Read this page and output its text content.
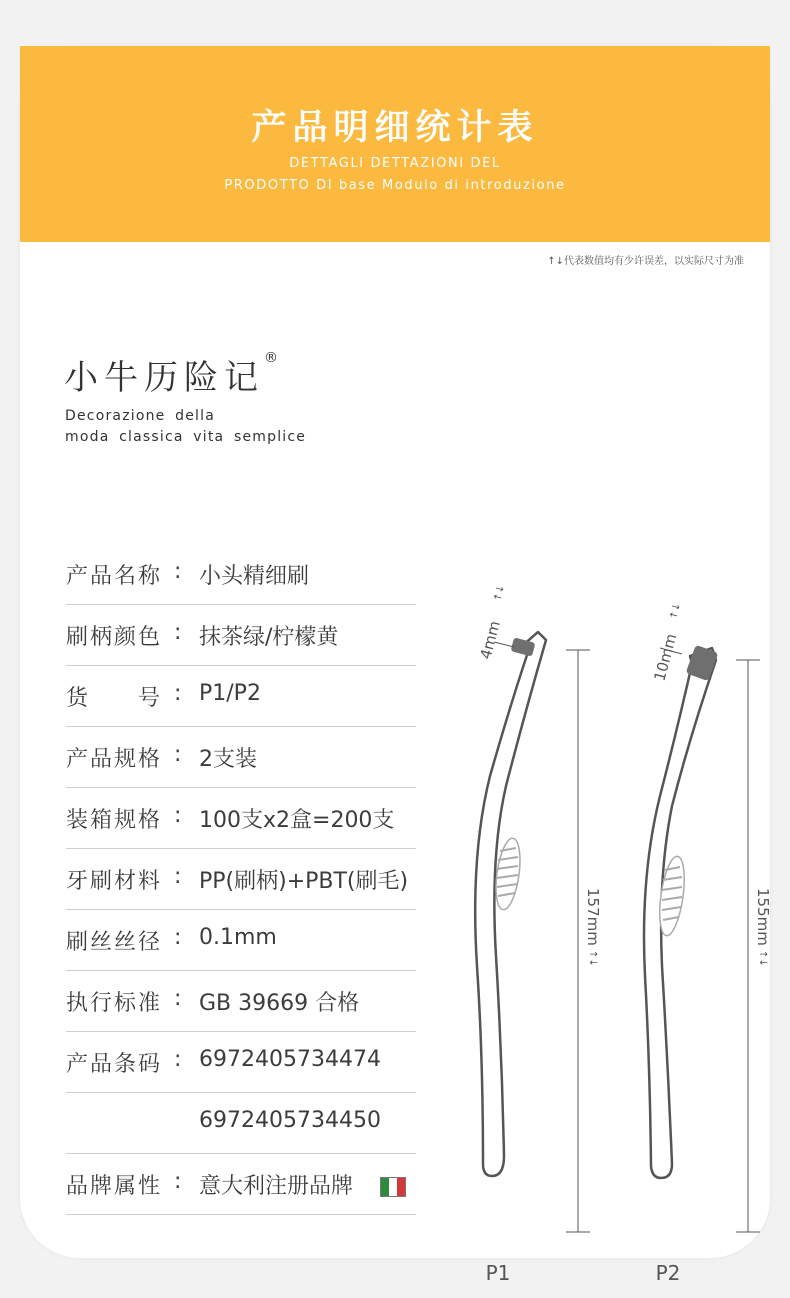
产品明细统计表
DETTAGLI DETTAZIONI DEL
PRODOTTO DI base Modulo di introduzione
↑↓代表数值均有少许误差，以实际尺寸为准
小牛历险记®
Decorazione della
moda classica vita semplice
产品名称 : 小头精细刷
刷柄颜色 : 抹茶绿/柠檬黄
货　　号 : P1/P2
产品规格 : 2支装
装箱规格 : 100支x2盒=200支
牙刷材料 : PP(刷柄)+PBT(刷毛)
刷丝丝径 : 0.1mm
执行标准 : GB 39669 合格
产品条码 : 6972405734474
6972405734450
品牌属性 : 意大利注册品牌
4mm
↑↓
157mm
↑↓
P1
10mm
↑↓
155mm
↑↓
P2
